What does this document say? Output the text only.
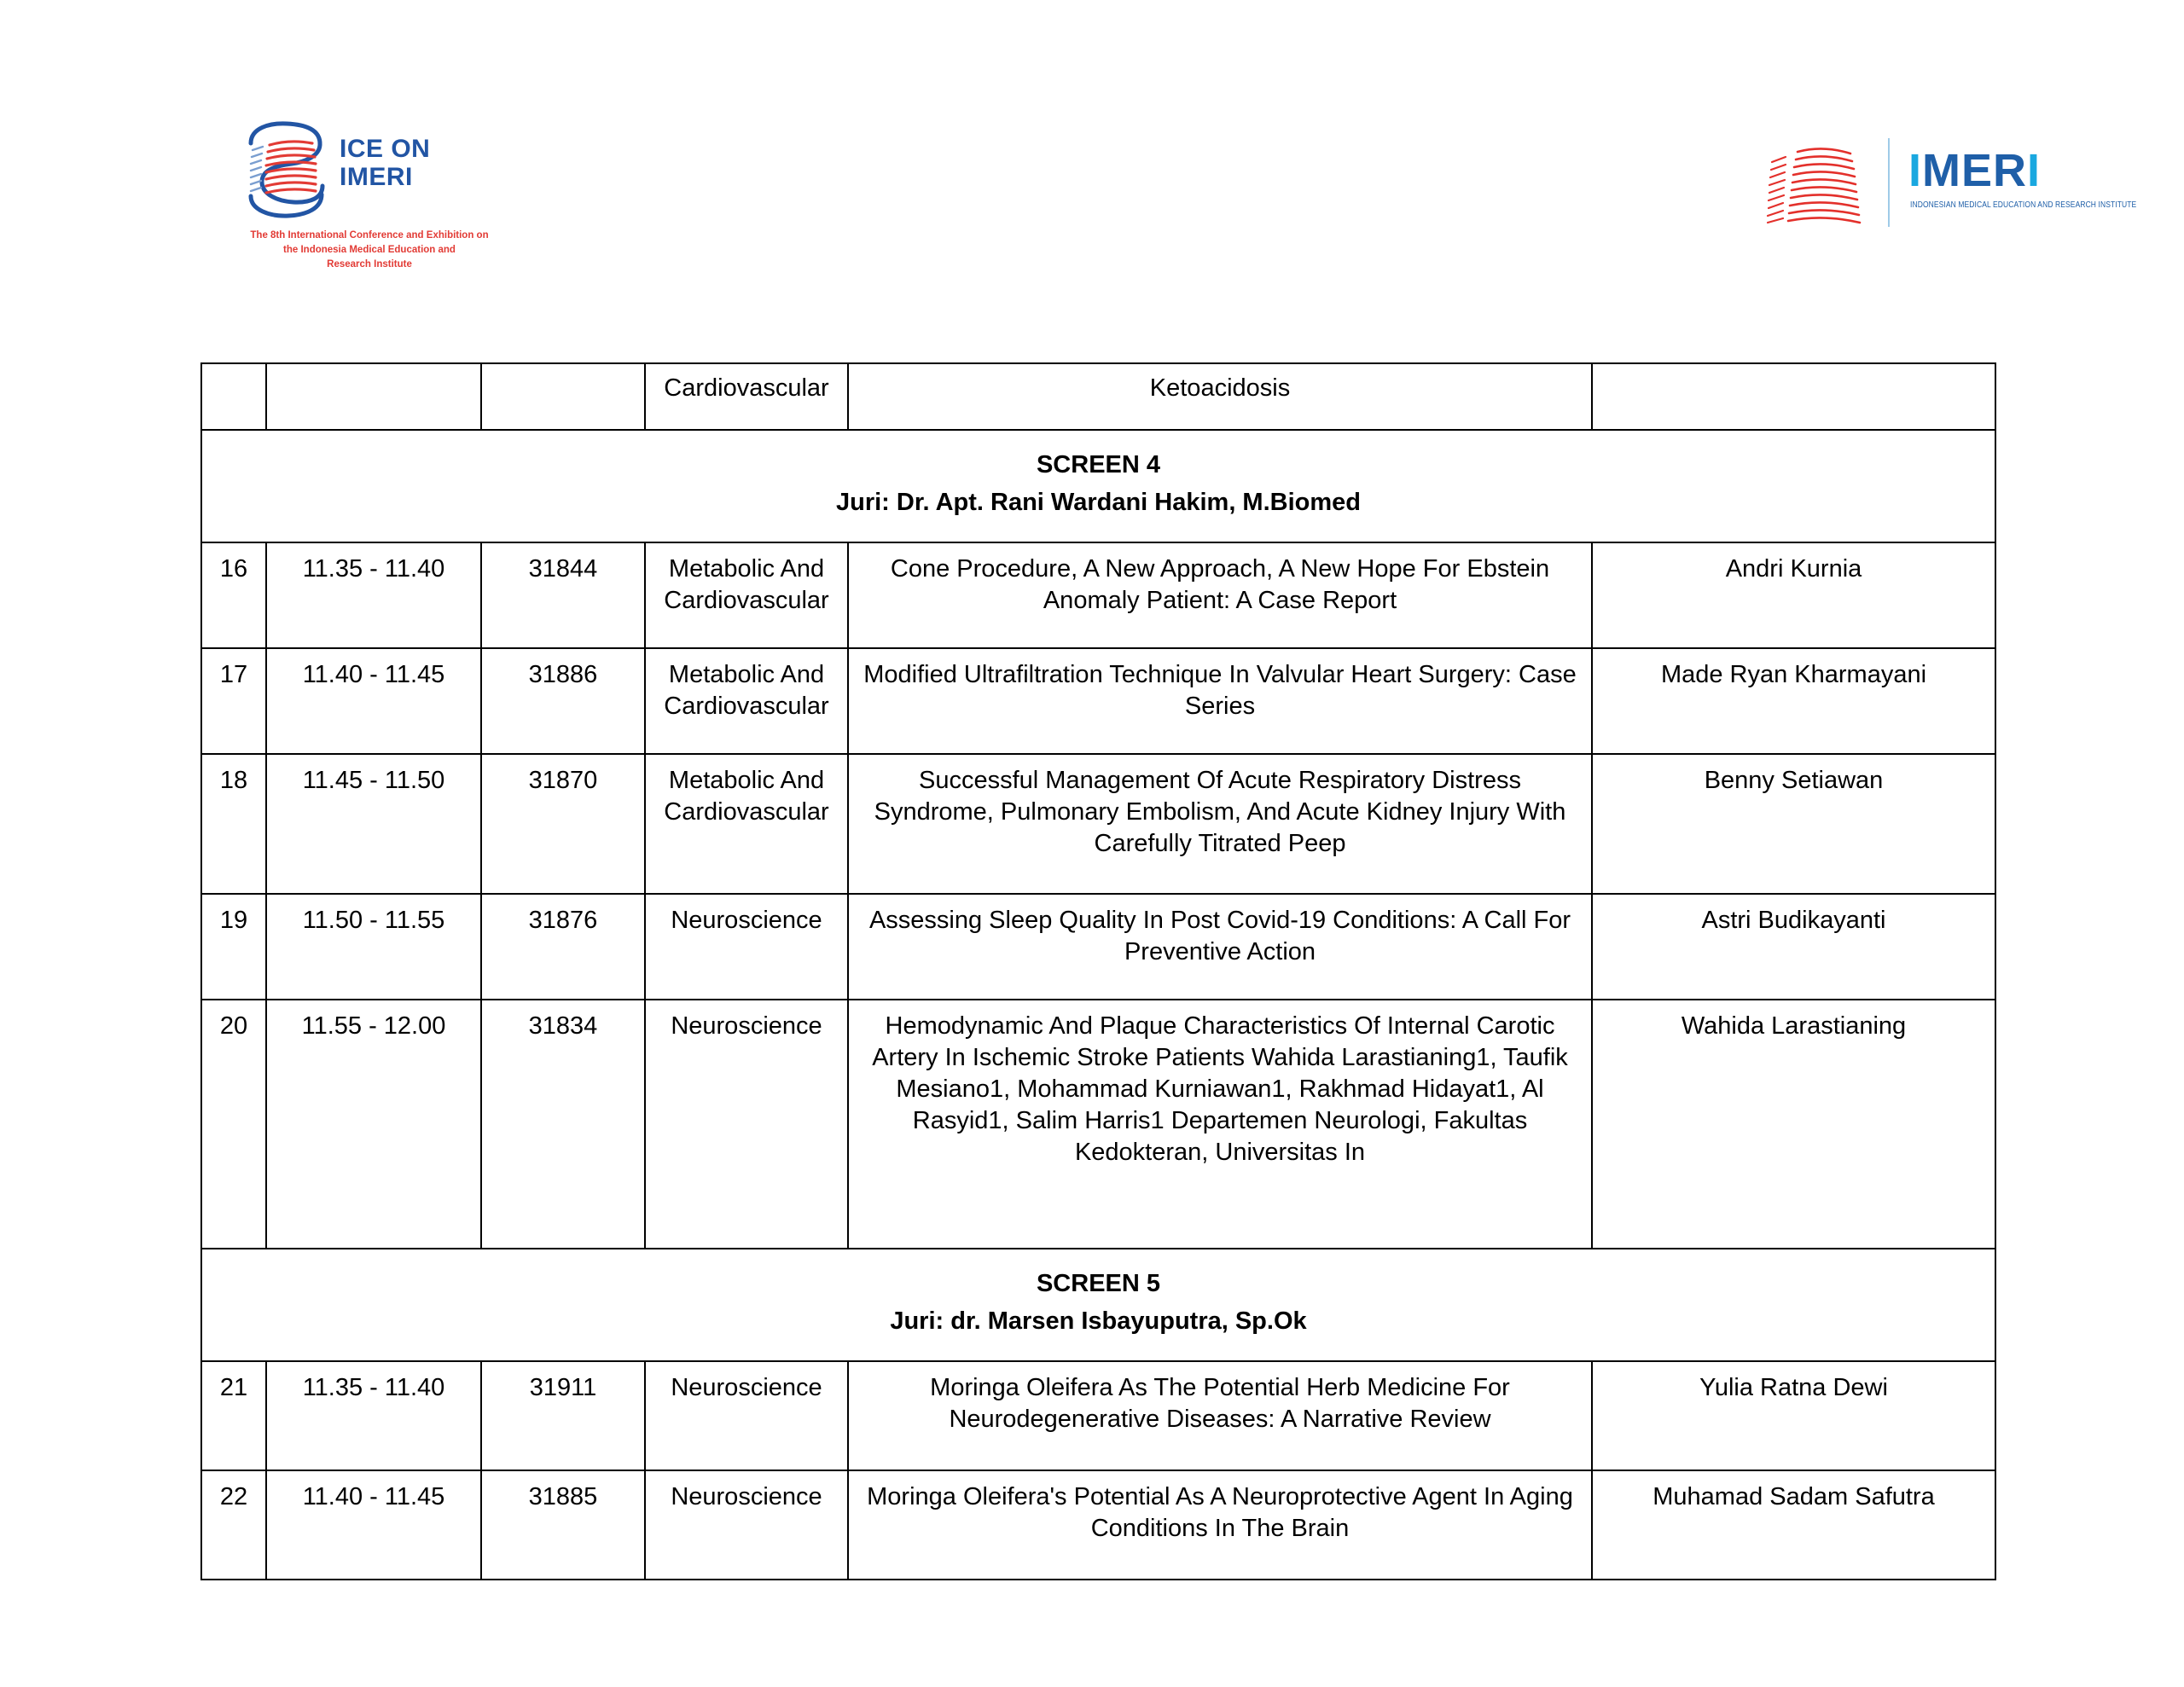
ICE ON
IMERI
The 8th International Conference and Exhibition on
the Indonesia Medical Education and
Research Institute
IMERI
INDONESIAN MEDICAL EDUCATION AND RESEARCH INSTITUTE
			Cardiovascular	Ketoacidosis	

SCREEN 4
Juri: Dr. Apt. Rani Wardani Hakim, M.Biomed					

16	11.35 - 11.40	31844	Metabolic And Cardiovascular	Cone Procedure, A New Approach, A New Hope For Ebstein Anomaly Patient: A Case Report	Andri Kurnia
17	11.40 - 11.45	31886	Metabolic And Cardiovascular	Modified Ultrafiltration Technique In Valvular Heart Surgery: Case Series	Made Ryan Kharmayani
18	11.45 - 11.50	31870	Metabolic And Cardiovascular	Successful Management Of Acute Respiratory Distress Syndrome, Pulmonary Embolism, And Acute Kidney Injury With Carefully Titrated Peep	Benny Setiawan
19	11.50 - 11.55	31876	Neuroscience	Assessing Sleep Quality In Post Covid-19 Conditions: A Call For Preventive Action	Astri Budikayanti
20	11.55 - 12.00	31834	Neuroscience	Hemodynamic And Plaque Characteristics Of Internal Carotic Artery In Ischemic Stroke Patients Wahida Larastianing1, Taufik Mesiano1, Mohammad Kurniawan1, Rakhmad Hidayat1, Al Rasyid1, Salim Harris1 Departemen Neurologi, Fakultas Kedokteran, Universitas In	Wahida Larastianing

SCREEN 5
Juri: dr. Marsen Isbayuputra, Sp.Ok					

21	11.35 - 11.40	31911	Neuroscience	Moringa Oleifera As The Potential Herb Medicine For Neurodegenerative Diseases: A Narrative Review	Yulia Ratna Dewi
22	11.40 - 11.45	31885	Neuroscience	Moringa Oleifera's Potential As A Neuroprotective Agent In Aging Conditions In The Brain	Muhamad Sadam Safutra
